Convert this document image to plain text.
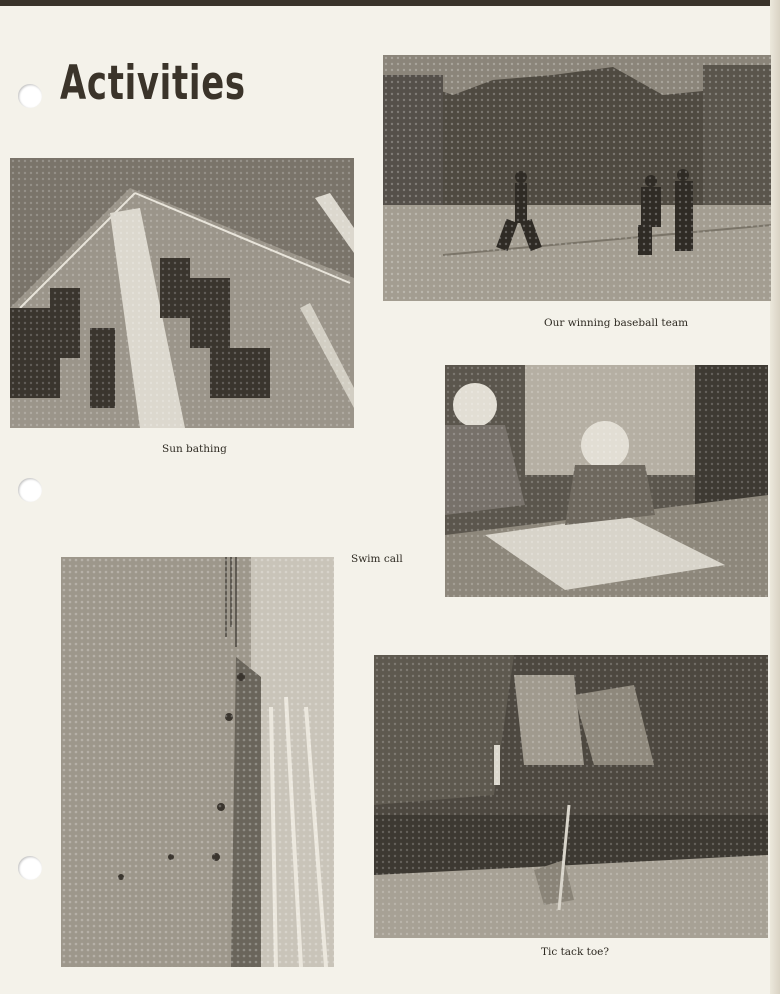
Activities
Our winning baseball team
Sun bathing
Swim call
Tic tack toe?
